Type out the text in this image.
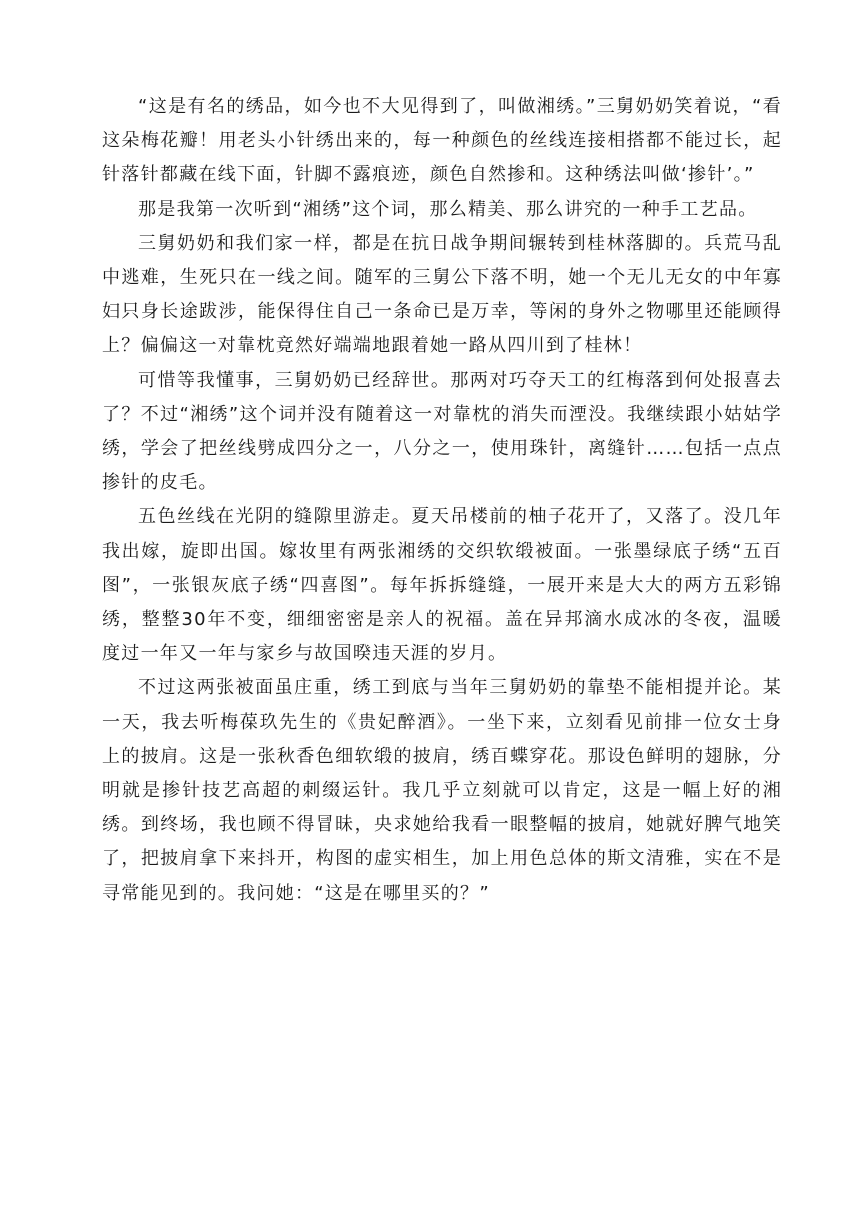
“这是有名的绣品，如今也不大见得到了，叫做湘绣。”三舅奶奶笑着说，“看这朵梅花瓣！用老头小针绣出来的，每一种颜色的丝线连接相搭都不能过长，起针落针都藏在线下面，针脚不露痕迹，颜色自然掺和。这种绣法叫做‘掺针’。”

那是我第一次听到“湘绣”这个词，那么精美、那么讲究的一种手工艺品。

三舅奶奶和我们家一样，都是在抗日战争期间辗转到桂林落脚的。兵荒马乱中逃难，生死只在一线之间。随军的三舅公下落不明，她一个无儿无女的中年寡妇只身长途跋涉，能保得住自己一条命已是万幸，等闲的身外之物哪里还能顾得上？偏偏这一对靠枕竟然好端端地跟着她一路从四川到了桂林！

可惜等我懂事，三舅奶奶已经辞世。那两对巧夺天工的红梅落到何处报喜去了？不过“湘绣”这个词并没有随着这一对靠枕的消失而湮没。我继续跟小姑姑学绣，学会了把丝线劈成四分之一，八分之一，使用珠针，离缝针……包括一点点掺针的皮毛。

五色丝线在光阴的缝隙里游走。夏天吊楼前的柚子花开了，又落了。没几年我出嫁，旋即出国。嫁妆里有两张湘绣的交织软缎被面。一张墨绿底子绣“五百图”，一张银灰底子绣“四喜图”。每年拆拆缝缝，一展开来是大大的两方五彩锦绣，整整30年不变，细细密密是亲人的祝福。盖在异邦滴水成冰的冬夜，温暖度过一年又一年与家乡与故国暌违天涯的岁月。

不过这两张被面虽庄重，绣工到底与当年三舅奶奶的靠垫不能相提并论。某一天，我去听梅葆玖先生的《贵妃醉酒》。一坐下来，立刻看见前排一位女士身上的披肩。这是一张秋香色细软缎的披肩，绣百蝶穿花。那设色鲜明的翅脉，分明就是掺针技艺高超的刺缀运针。我几乎立刻就可以肯定，这是一幅上好的湘绣。到终场，我也顾不得冒昧，央求她给我看一眼整幅的披肩，她就好脾气地笑了，把披肩拿下来抖开，构图的虚实相生，加上用色总体的斯文清雅，实在不是寻常能见到的。我问她：“这是在哪里买的？”
